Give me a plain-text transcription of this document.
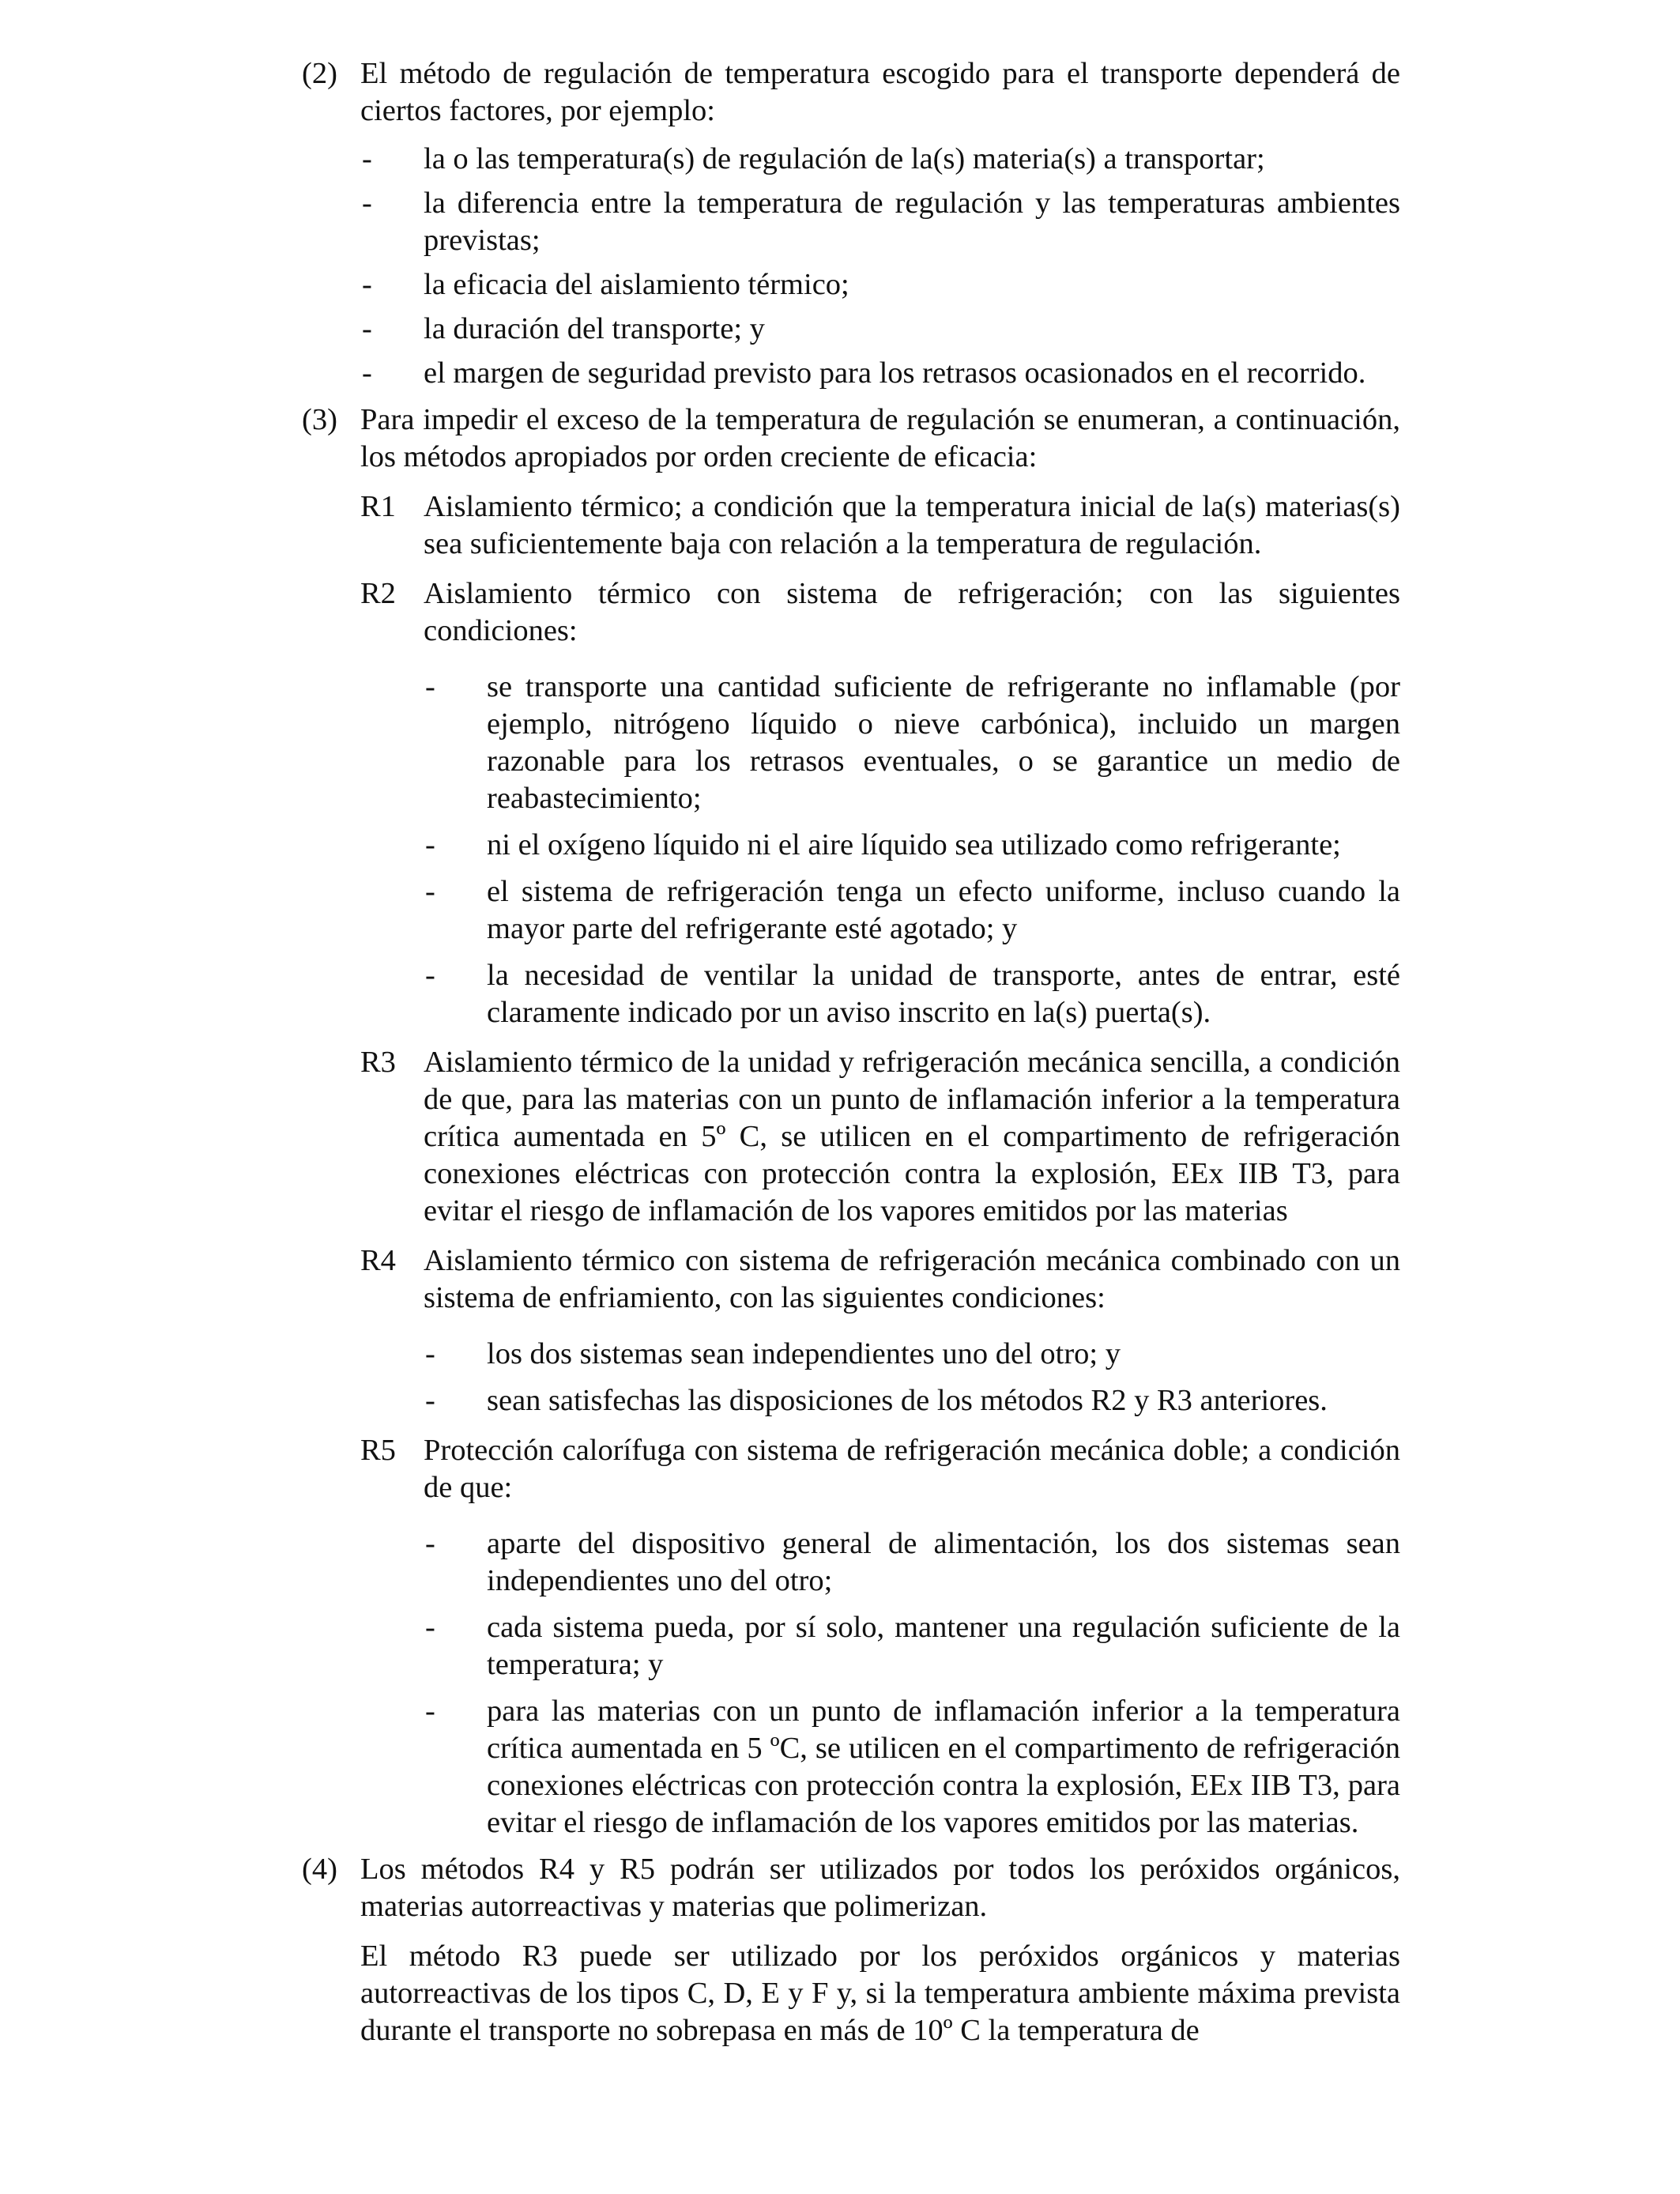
(2) El método de regulación de temperatura escogido para el transporte dependerá de ciertos factores, por ejemplo:
- la o las temperatura(s) de regulación de la(s) materia(s) a transportar;
- la diferencia entre la temperatura de regulación y las temperaturas ambientes previstas;
- la eficacia del aislamiento térmico;
- la duración del transporte; y
- el margen de seguridad previsto para los retrasos ocasionados en el recorrido.
(3) Para impedir el exceso de la temperatura de regulación se enumeran, a continuación, los métodos apropiados por orden creciente de eficacia:
R1 Aislamiento térmico; a condición que la temperatura inicial de la(s) materias(s) sea suficientemente baja con relación a la temperatura de regulación.
R2 Aislamiento térmico con sistema de refrigeración; con las siguientes condiciones:
- se transporte una cantidad suficiente de refrigerante no inflamable (por ejemplo, nitrógeno líquido o nieve carbónica), incluido un margen razonable para los retrasos eventuales, o se garantice un medio de reabastecimiento;
- ni el oxígeno líquido ni el aire líquido sea utilizado como refrigerante;
- el sistema de refrigeración tenga un efecto uniforme, incluso cuando la mayor parte del refrigerante esté agotado; y
- la necesidad de ventilar la unidad de transporte, antes de entrar, esté claramente indicado por un aviso inscrito en la(s) puerta(s).
R3 Aislamiento térmico de la unidad y refrigeración mecánica sencilla, a condición de que, para las materias con un punto de inflamación inferior a la temperatura crítica aumentada en 5º C, se utilicen en el compartimento de refrigeración conexiones eléctricas con protección contra la explosión, EEx IIB T3, para evitar el riesgo de inflamación de los vapores emitidos por las materias
R4 Aislamiento térmico con sistema de refrigeración mecánica combinado con un sistema de enfriamiento, con las siguientes condiciones:
- los dos sistemas sean independientes uno del otro; y
- sean satisfechas las disposiciones de los métodos R2 y R3 anteriores.
R5 Protección calorífuga con sistema de refrigeración mecánica doble; a condición de que:
- aparte del dispositivo general de alimentación, los dos sistemas sean independientes uno del otro;
- cada sistema pueda, por sí solo, mantener una regulación suficiente de la temperatura; y
- para las materias con un punto de inflamación inferior a la temperatura crítica aumentada en 5 ºC, se utilicen en el compartimento de refrigeración conexiones eléctricas con protección contra la explosión, EEx IIB T3, para evitar el riesgo de inflamación de los vapores emitidos por las materias.
(4) Los métodos R4 y R5 podrán ser utilizados por todos los peróxidos orgánicos, materias autorreactivas y materias que polimerizan.
El método R3 puede ser utilizado por los peróxidos orgánicos y materias autorreactivas de los tipos C, D, E y F y, si la temperatura ambiente máxima prevista durante el transporte no sobrepasa en más de 10º C la temperatura de
